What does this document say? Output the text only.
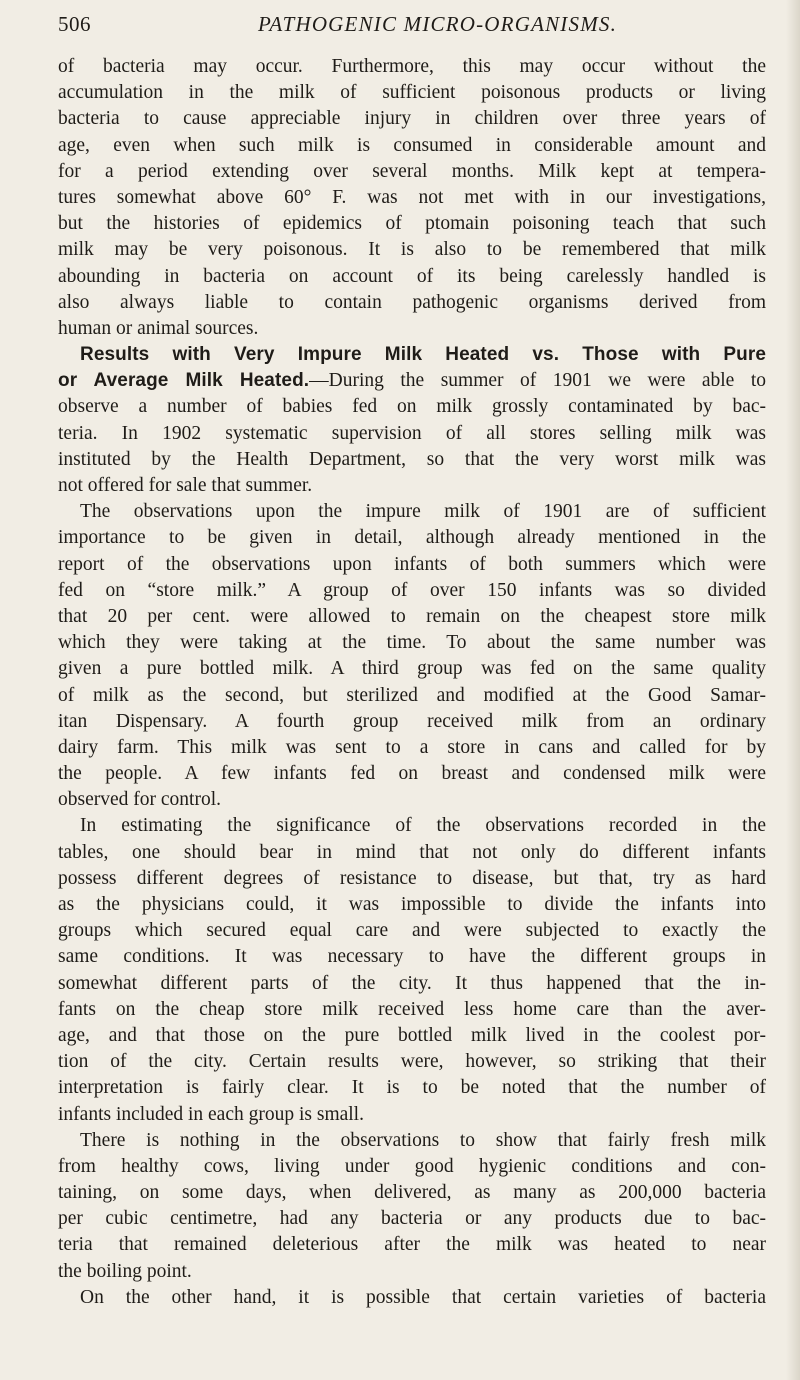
506	PATHOGENIC MICRO-ORGANISMS.
of bacteria may occur. Furthermore, this may occur without the
accumulation in the milk of sufficient poisonous products or living
bacteria to cause appreciable injury in children over three years of
age, even when such milk is consumed in considerable amount and
for a period extending over several months. Milk kept at tempera-
tures somewhat above 60° F. was not met with in our investigations,
but the histories of epidemics of ptomain poisoning teach that such
milk may be very poisonous. It is also to be remembered that milk
abounding in bacteria on account of its being carelessly handled is
also always liable to contain pathogenic organisms derived from
human or animal sources.
Results with Very Impure Milk Heated vs. Those with Pure
or Average Milk Heated.—During the summer of 1901 we were able to
observe a number of babies fed on milk grossly contaminated by bac-
teria. In 1902 systematic supervision of all stores selling milk was
instituted by the Health Department, so that the very worst milk was
not offered for sale that summer.
The observations upon the impure milk of 1901 are of sufficient
importance to be given in detail, although already mentioned in the
report of the observations upon infants of both summers which were
fed on “store milk.” A group of over 150 infants was so divided
that 20 per cent. were allowed to remain on the cheapest store milk
which they were taking at the time. To about the same number was
given a pure bottled milk. A third group was fed on the same quality
of milk as the second, but sterilized and modified at the Good Samar-
itan Dispensary. A fourth group received milk from an ordinary
dairy farm. This milk was sent to a store in cans and called for by
the people. A few infants fed on breast and condensed milk were
observed for control.
In estimating the significance of the observations recorded in the
tables, one should bear in mind that not only do different infants
possess different degrees of resistance to disease, but that, try as hard
as the physicians could, it was impossible to divide the infants into
groups which secured equal care and were subjected to exactly the
same conditions. It was necessary to have the different groups in
somewhat different parts of the city. It thus happened that the in-
fants on the cheap store milk received less home care than the aver-
age, and that those on the pure bottled milk lived in the coolest por-
tion of the city. Certain results were, however, so striking that their
interpretation is fairly clear. It is to be noted that the number of
infants included in each group is small.
There is nothing in the observations to show that fairly fresh milk
from healthy cows, living under good hygienic conditions and con-
taining, on some days, when delivered, as many as 200,000 bacteria
per cubic centimetre, had any bacteria or any products due to bac-
teria that remained deleterious after the milk was heated to near
the boiling point.
On the other hand, it is possible that certain varieties of bacteria
